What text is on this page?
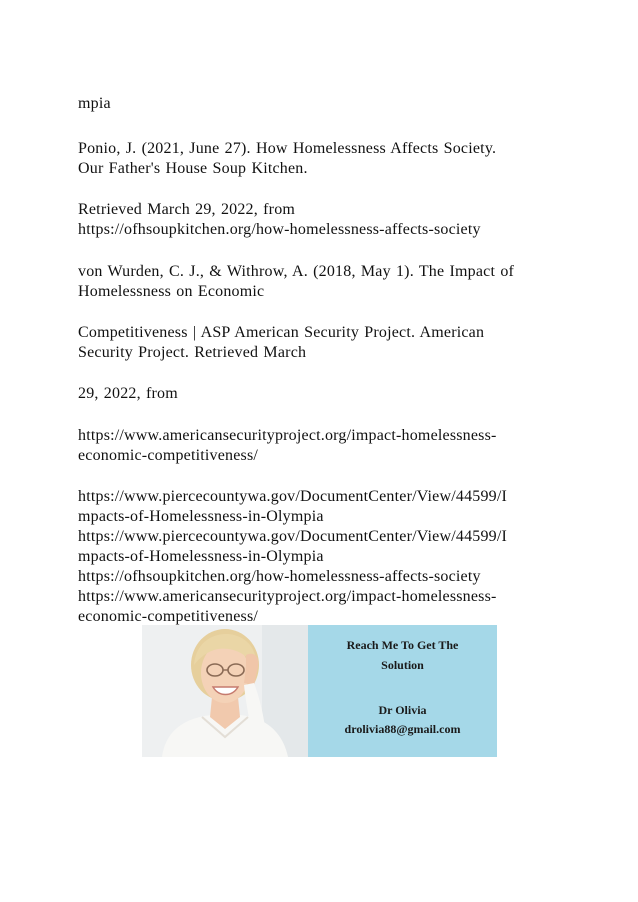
mpia
Ponio, J. (2021, June 27). How Homelessness Affects Society.
Our Father's House Soup Kitchen.
Retrieved March 29, 2022, from
https://ofhsoupkitchen.org/how-homelessness-affects-society
von Wurden, C. J., & Withrow, A. (2018, May 1). The Impact of
Homelessness on Economic
Competitiveness | ASP American Security Project. American
Security Project. Retrieved March
29, 2022, from
https://www.americansecurityproject.org/impact-homelessness-
economic-competitiveness/
https://www.piercecountywa.gov/DocumentCenter/View/44599/I
mpacts-of-Homelessness-in-Olympia
https://www.piercecountywa.gov/DocumentCenter/View/44599/I
mpacts-of-Homelessness-in-Olympia
https://ofhsoupkitchen.org/how-homelessness-affects-society
https://www.americansecurityproject.org/impact-homelessness-
economic-competitiveness/
Reach Me To Get The
Solution
Dr Olivia
drolivia88@gmail.com
